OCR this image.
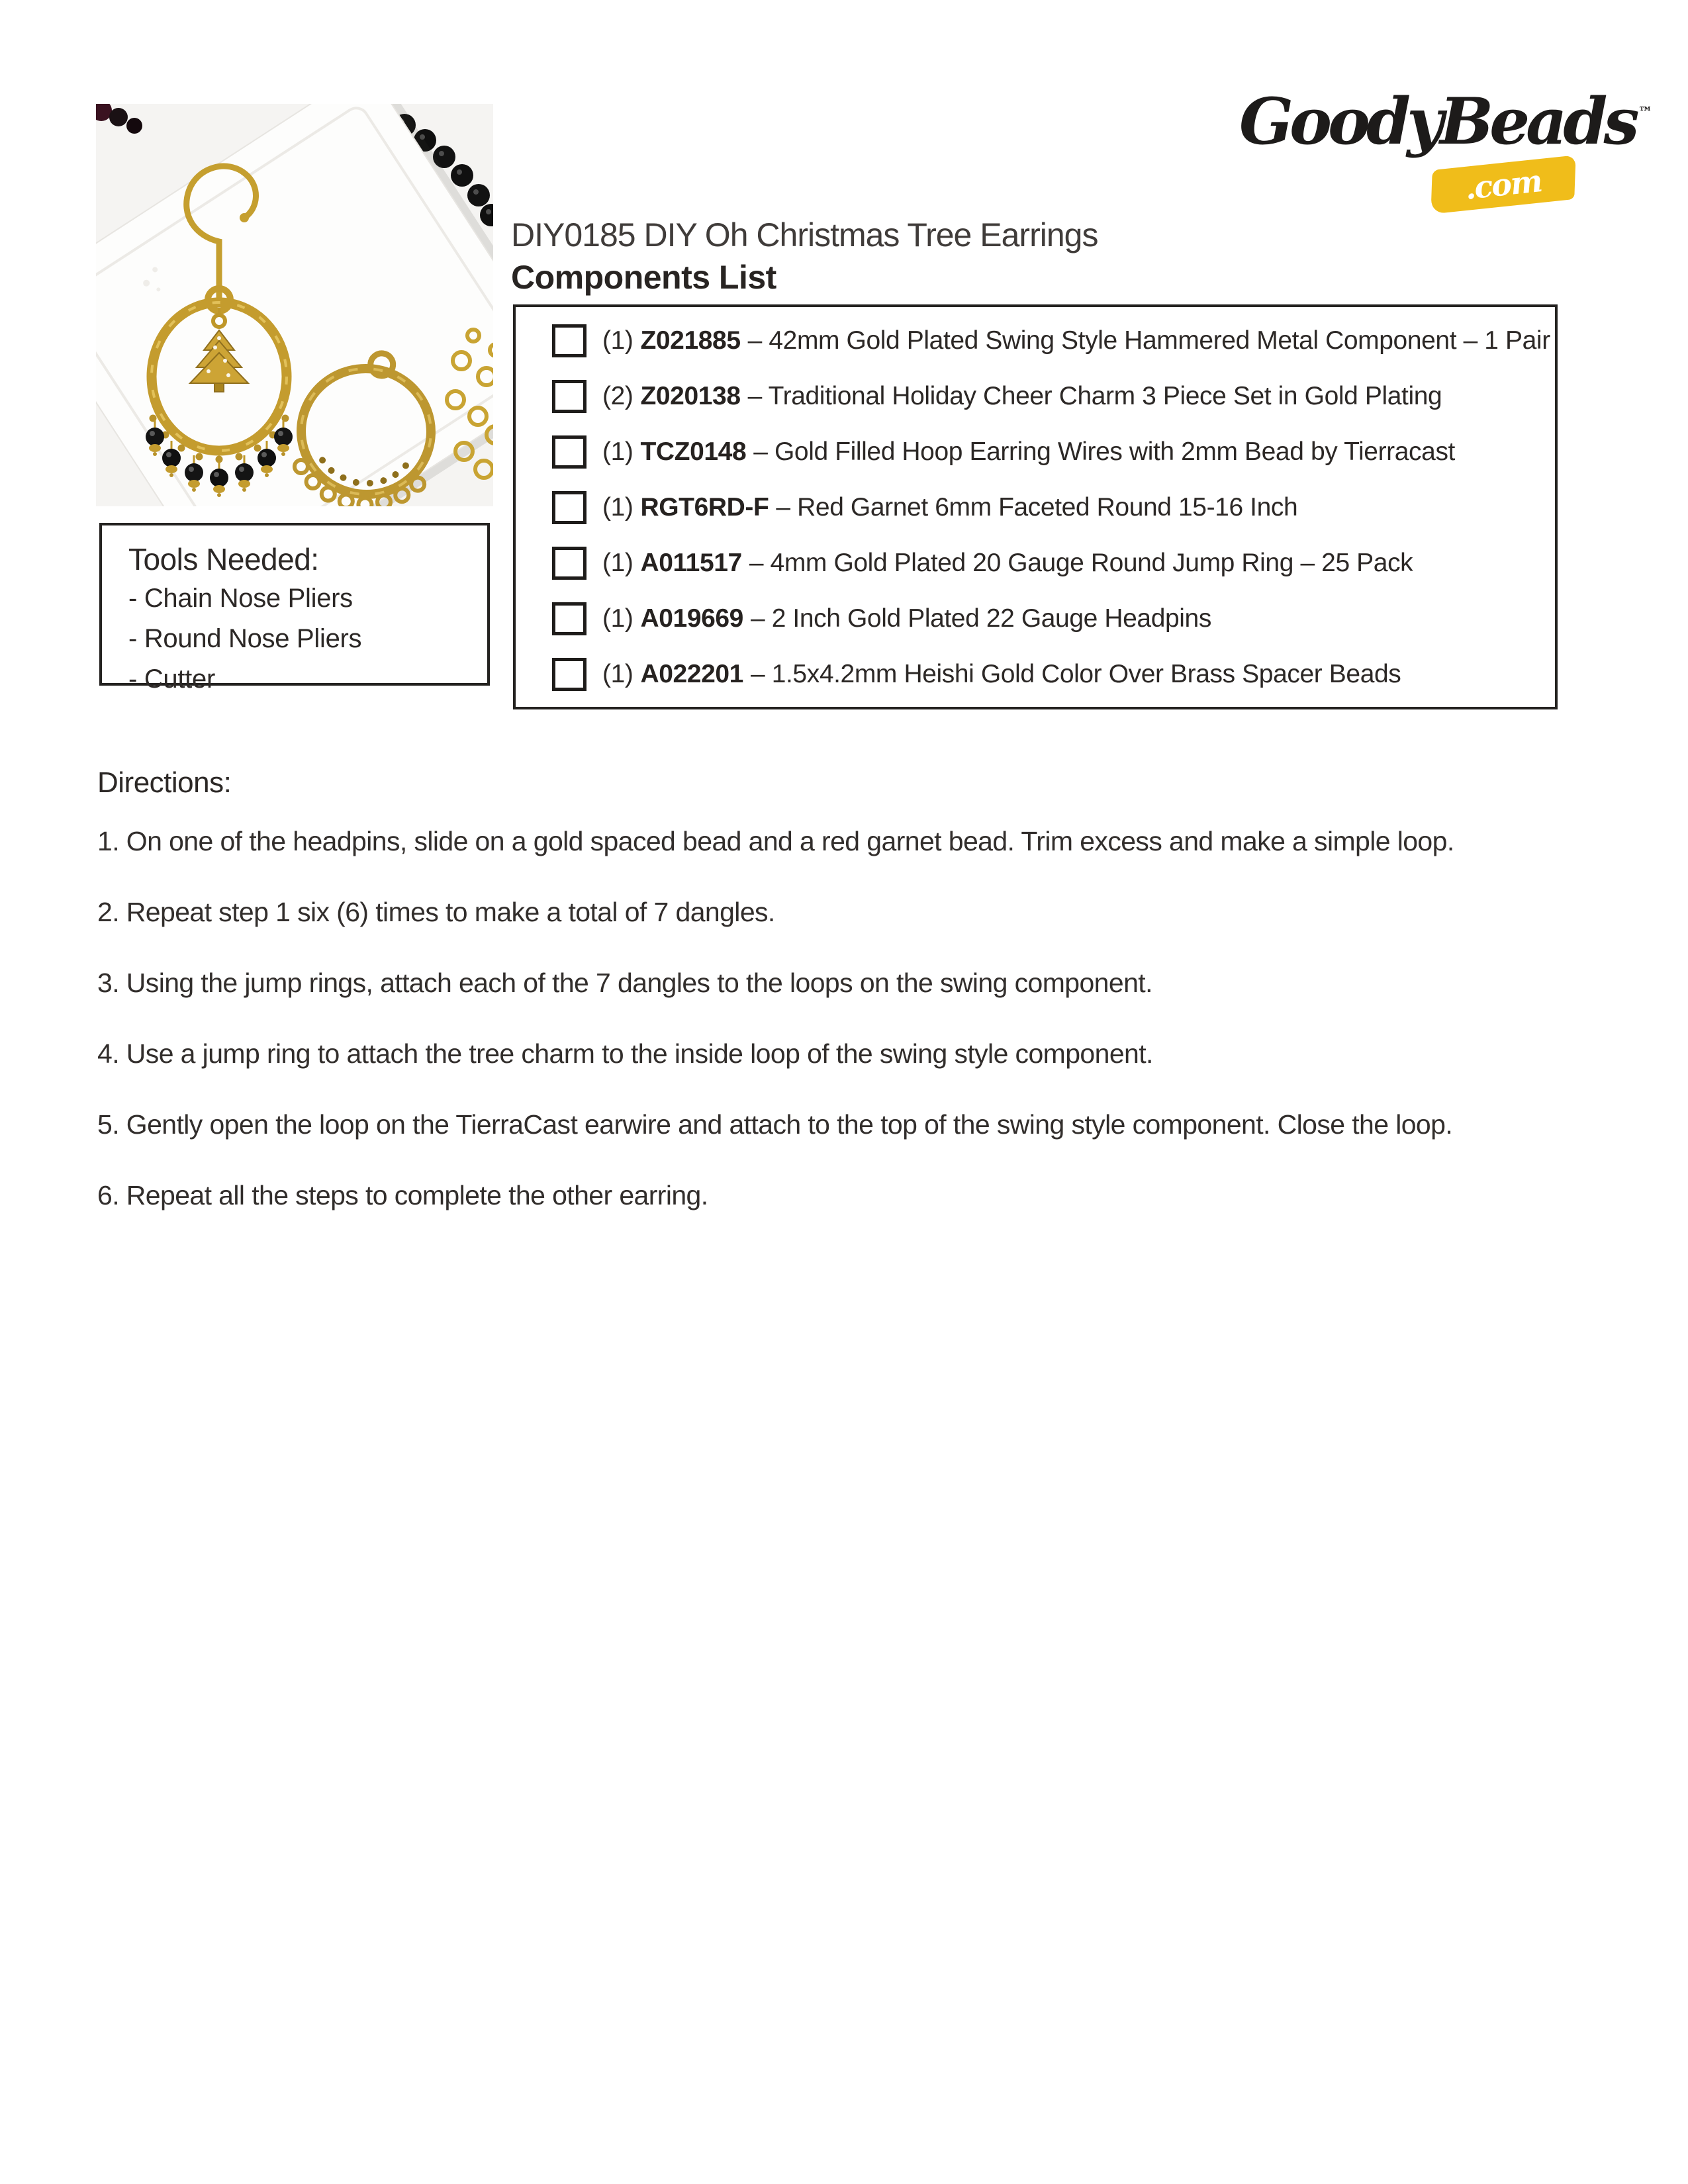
GoodyBeads ™
.com
DIY0185 DIY Oh Christmas Tree Earrings
Components List
(1) Z021885 – 42mm Gold Plated Swing Style Hammered Metal Component – 1 Pair
(2) Z020138 – Traditional Holiday Cheer Charm 3 Piece Set in Gold Plating
(1) TCZ0148 – Gold Filled Hoop Earring Wires with 2mm Bead by Tierracast
(1) RGT6RD-F – Red Garnet 6mm Faceted Round 15-16 Inch
(1) A011517 – 4mm Gold Plated 20 Gauge Round Jump Ring – 25 Pack
(1) A019669 – 2 Inch Gold Plated 22 Gauge Headpins
(1) A022201 – 1.5x4.2mm Heishi Gold Color Over Brass Spacer Beads
Tools Needed:
- Chain Nose Pliers
- Round Nose Pliers
- Cutter

Directions:

1. On one of the headpins, slide on a gold spaced bead and a red garnet bead. Trim excess and make a simple loop.

2. Repeat step 1 six (6) times to make a total of 7 dangles.

3. Using the jump rings, attach each of the 7 dangles to the loops on the swing component.

4. Use a jump ring to attach the tree charm to the inside loop of the swing style component.

5. Gently open the loop on the TierraCast earwire and attach to the top of the swing style component. Close the loop.

6. Repeat all the steps to complete the other earring.
